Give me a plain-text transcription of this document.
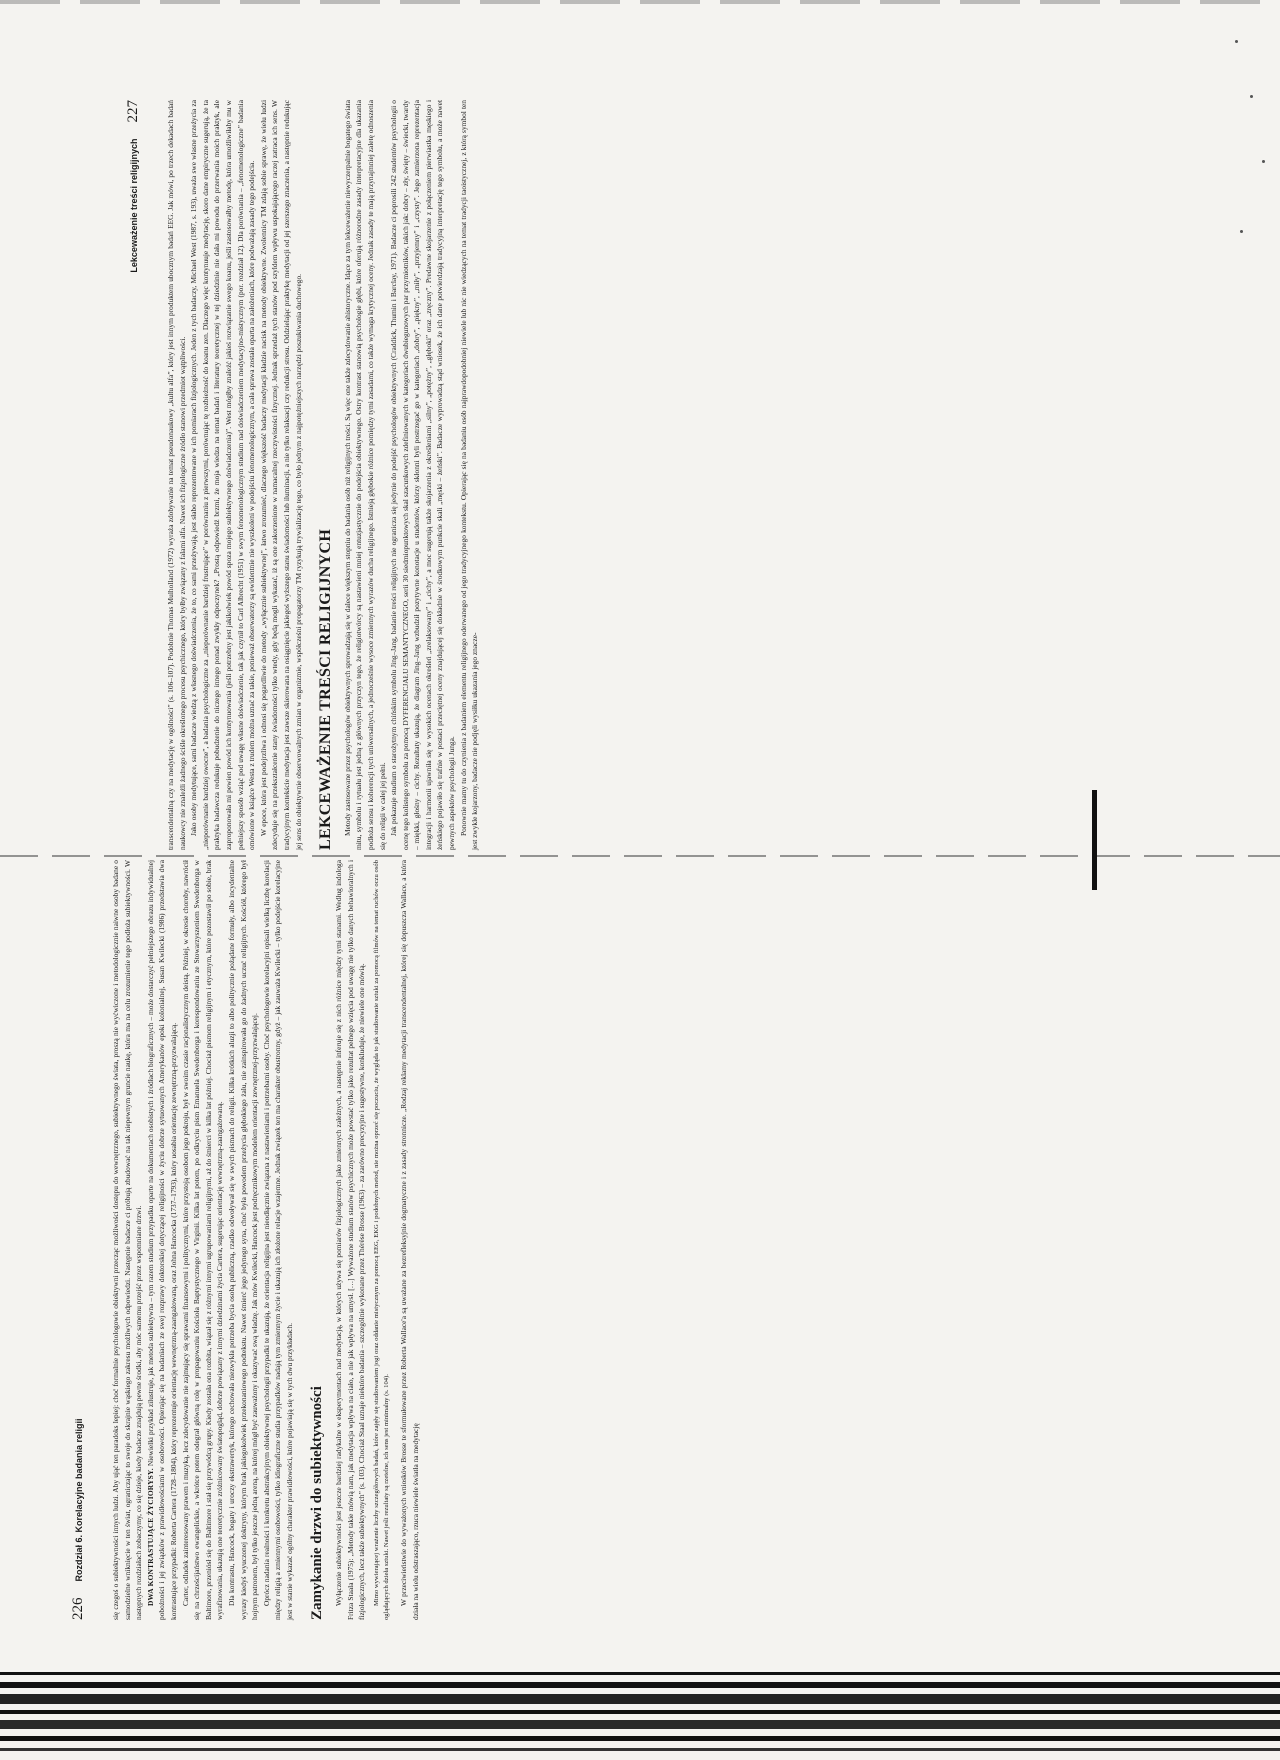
226
Rozdział 6. Korelacyjne badania religii	się czegoś o subiektywności innych ludzi. Aby ująć ten paradoks lepiej: choć formalnie psychologowie obiektywni przecząc możliwości dostępu do wewnętrznego, subiektywnego świata, proszą nie wyćwiczone i metodologicznie naiwne osoby badane o samodzielne wniknięcie w ten świat, ograniczając to swoje do skrajnie wąskiego zakresu możliwych odpowiedzi. Następnie badacze ci próbują zbudować na tak niepewnym gruncie naukę, która ma na celu zrozumienie tego podłoża subiektywności. W następnych rozdziałach zobaczymy, co się dzieje, kiedy badacze znajdują pewne środki, aby móc samemu przejść przez wspomniane drzwi. DWA KONTRASTUJĄCE ŻYCIORYSY. Niewielki przykład zilustruje, jak metoda subiektywna – tym razem studium przypadku oparte na dokumentach osobistych i źródłach biograficznych – może dostarczyć pełniejszego obrazu indywidualnej pobożności i jej związków z prawidłowościami w osobowości. Opierając się na badaniach ze swej rozprawy doktorskiej dotyczącej religijności w życiu dobrze sytuowanych Amerykanów epoki kolonialnej, Susan Kwilecki (1986) przedstawia dwa kontrastujące przypadki: Roberta Cartera (1728–1804), który reprezentuje orientację wewnętrzną-zaangażowaną, oraz Johna Hancocka (1737–1793), który uosabia orientację zewnętrzną-przyzwalającą. Carter, odludek zainteresowany prawem i muzyką, lecz zdecydowanie nie zajmujący się sprawami finansowymi i politycznymi, które przystoją osobom jego pokroju, był w swoim czasie racjonalistycznym deistą. Później, w okresie choroby, nawrócił się na chrześcijaństwo ewangelickie, a wkrótce potem odegrał główną rolę w propagowaniu Kościoła Baptystycznego w Virginii. Kilka lat potem, po odkryciu pism Emanuela Swedenborga i korespondowaniu ze Stowarzyszeniem Swedenborga w Baltimore, przeniósł się do Baltimore i stał się przywódcą grupy. Kiedy została ona rozbita, wiązał się z różnymi innymi ugrupowaniami religijnymi, aż do śmierci w kilka lat później. Chociaż pismom religijnym i etycznym, które pozostawił po sobie, brak wyrafinowania, ukazują one teoretycznie zróżnicowany światopogląd, dobrze powiązany z innymi dziedzinami życia Cartera, sugerując orientację wewnętrzną-zaangażowaną. Dla kontrastu, Hancock, bogaty i uroczy ekstrawertyk, którego cechowała niezwykła potrzeba bycia osobą publiczną, rzadko odwoływał się w swych pismach do religii. Kilka krótkich aluzji to albo politycznie pożądane formuły, albo incydentalne wyrazy kiedyś wyuczonej doktryny, którym brak jakiegokolwiek przekonaniowego podtekstu. Nawet śmierć jego jedynego syna, choć była powodem przeżycia głębokiego żalu, nie zainspirowała go do żadnych uczuć religijnych. Kościół, którego był hojnym patronem, był tylko jeszcze jedną areną, na której mógł być zauważony i okazywać swą władzę. Jak mów Kwilecki, Hancock jest podręcznikowym modelem orientacji zewnętrznej-przyzwalającej. Oprócz nadania realności i konkretu abstrakcyjnym obiektywnej psychologii przypadki te ukazują, że orientacja religijna jest nieodłącznie związana z nastawieniami i potrzebami osoby. Choć psychologowie korelacyjni opisali wielką liczbę korelacji między religią a zmiennymi osobowości, tylko idiograficzne studia przypadków nadają tym zmiennym życie i ukazują ich złożone relacje wzajemne. Jednak związek ten ma charakter obustronny, gdyż – jak zauważa Kwilecki – tylko podejście korelacyjne jest w stanie wykazać ogólny charakter prawidłowości, które pojawiają się w tych dwu przykładach. Zamykanie drzwi do subiektywności Wyłączenie subiektywności jest jeszcze bardziej radykalne w eksperymentach nad medytacją, w których używa się pomiarów fizjologicznych jako zmiennych zależnych, a następnie inferuje się z nich różnice między tymi stanami. Według indologa Fritza Staala (1975): „Metody takie mówią nam, jak medytacja wpływa na ciało, a nie jak wpływa na umysł. […] Wyważone studium stanów psychicznych może powstać tylko jako rezultat pełnego wzięcia pod uwagę nie tylko danych behawioralnych i fizjologicznych, lecz także subiektywnych” (s. 103). Chociaż Staal uznaje niektóre badania – szczególnie wykonane przez Thérèse Brosse (1963) – za zarówno precyzyjne i sugestywne, konkluduje, że niewiele one mówią. Mimo wywierającej wrażenie liczby szczegółowych badań, które zajęły się studiowaniem jogi oraz oddanie mistycznym za pomocą EEG, EKG i podobnych metod, nie można oprzeć się poczuciu, że wygląda to jak studiowanie sztuki za pomocą filmów na temat ruchów oczu osób oglądających dzieła sztuki. Nawet jeśli rezultaty są rzetelne, ich sens jest minimalny (s. 104). W przeciwieństwie do wyważonych wniosków Brosse te sformułowane przez Roberta Wallace'a są uważane za bezrefleksyjnie dogmatyczne i z zasady stronnicze. „Rodzaj reklamy medytacji transcendentalnej, której się dopuszcza Wallace, a która działa na wielu odstraszająco, rzuca niewiele światła na medytację

Lekceważenie treści religijnych
227	transcendentalną czy na medytację w ogólności” (s. 106–107). Podobnie Thomas Mulholland (1972) wyraża zdobywanie na temat pseudonaukowy „kultu alfa”, który jest innym produktem ubocznym badań EEG. Jak mówi, po trzech dekadach badań naukowcy nie znaleźli żadnego ściśle określonego procesu psychicznego, który byłby związany z falami alfa. Nawet ich fizjologiczne źródło stanowi przedmiot wątpliwości. Jako osoby medytujące, sami badacze wiedzą z własnego doświadczenia, że to, co sami przeżywają, jest słabo reprezentowane w ich pomiarach fizjologicznych. Jeden z tych badaczy, Michael West (1987, s. 193), uważa swe własne przeżycia za „nieporównanie bardziej owocne”, a badania psychologiczne za „nieporównanie bardziej frustrujące” w porównaniu z pierwszymi, porównując tę rozbieżność do koanu zen. Dlaczego więc kontynuuje medytację, skoro dane empiryczne sugerują, że ta praktyka badawcza redukuje pobudzenie do niczego innego ponad zwykły odpoczynek? „Prostą odpowiedź brzmi, że moja wiedza na temat badań i literatury teoretycznej w tej dziedzinie nie dała mi powodu do przerwania moich praktyk, ale zaproponowała mi pewien powód ich kontynuowania (jeśli potrzebny jest jakikolwiek powód spoza mojego subiektywnego doświadczenia)”. West mógłby znaleźć jakieś rozwiązanie swego koanu, jeśli zastosowałby metodę, która umożliwiłaby mu w pełniejszy sposób wziąć pod uwagę własne doświadczenie, tak jak czynił to Carl Albrecht (1951) w swym fenomenologicznym studium nad doświadczeniem medytacyjno-mistycznym (por. rozdział 12). Dla porównania – „fenomenologiczne” badania omówione w książce Westa z trudem można uznać za takie, ponieważ obserwatorzy są ewidentnie nie wyszkoleni w podejściu fenomenologicznym, a cała sprawa została oparta na założeniach, które podważają zasady tego podejścia. W epoce, która jest podejrzliwa i odnosi się pogardliwie do metody „wyłącznie subiektywnej”, łatwo zrozumieć, dlaczego większość badaczy medytacji kładzie nacisk na metody obiektywne. Zwolennicy TM zdają sobie sprawę, że wielu ludzi zdecyduje się na przekształcenie stany świadomości tylko wtedy, gdy będą mogli wykazać, iż są one zakorzenione w namacalnej rzeczywistości fizycznej. Jednak sprzedaż tych stanów pod szyldem wpływu uspokajającego raczej zatraca ich sens. W tradycyjnym kontekście medytacja jest zawsze skierowana na osiągnięcie jakiegoś wyższego stanu świadomości lub iluminacji, a nie tylko relaksacji czy redukcji stresu. Oddzielając praktykę medytacji od jej szerszego znaczenia, a następnie redukując jej sens do obiektywnie obserwowalnych zmian w organizmie, współcześni propagatorzy TM ryzykują trywializację tego, co było jednym z najpotężniejszych narzędzi poszukiwania duchowego. LEKCEWAŻENIE TREŚCI RELIGIJNYCH Metody zastosowane przez psychologów obiektywnych sprowadzają się w dalece większym stopniu do badania osób niż religijnych treści. Są więc one także zdecydowanie ahistoryczne. Idące za tym lekceważenie niewyczerpalnie bogatego świata mitu, symbolu i rytuału jest jedną z głównych przyczyn tego, że religiotwórcy są nastawieni mniej entuzjastycznie do podejścia obiektywnego. Ostry kontrast stanowią psychologie głębi, które oferują różnorodne zasady interpretacyjne dla ukazania podłoża sensu i koherencji tych uniwersalnych, a jednocześnie wysoce zmiennych wyrazów ducha religijnego. Istnieją głębokie różnice pomiędzy tymi zasadami, co także wymaga krytycznej oceny. Jednak zasady te mają przynajmniej zaletę odnoszenia się do religii w całej jej pełni. Jak pokazuje studium o starożytnym chińskim symbolu Jing–Jang, badanie treści religijnych nie ogranicza się jedynie do podejść psychologów obiektywnych (Craddick, Thumin i Barclay, 1971). Badacze ci poprosili 242 studentów psychologii o ocenę tego kolistego symbolu za pomocą DYFERENCJAŁU SEMANTYCZNEGO, serii 30 siedmiopunktowych skal szacunkowych zdefiniowanych w kategoriach dwubiegunowych par przymiotników, takich jak: dobry – zły, święty – świecki, twardy – miękki, głośny – cichy. Rezultaty ukazują, że diagram Jing–Jang wzbudził pozytywne konotacje u studentów, którzy skłonni byli postrzegać go w kategoriach „dobry”, „piękny”, „miły”, „przyjemny” i „czysty”. Jego zamierzona reprezentacja integracji i harmonii ujawniła się w wysokich ocenach określeń „zrelaksowany” i „cichy”, a moc sugerują także skojarzenia z określeniami „silny”, „potężny”, „głęboki” oraz „zręczny”. Predawne skojarzenie z połączeniem pierwiastka męskiego i żeńskiego pojawiło się trafnie w postaci przeciętnej oceny znajdującej się dokładnie w środkowym punkcie skali „męski – żeński”. Badacze wyprowadzą stąd wniosek, że ich dane potwierdzają tradycyjną interpretację tego symbolu, a może nawet pewnych aspektów psychologii Junga. Ponownie mamy tu do czynienia z badaniem elementu religijnego oderwanego od jego tradycyjnego kontekstu. Opierając się na badaniu osób najprawdopodobniej niewiele lub nic nie wiedzących na temat tradycji taoistycznej, z którą symbol ten jest zwykle kojarzony, badacze nie podjęli wysiłku ukazania jego znacze-
